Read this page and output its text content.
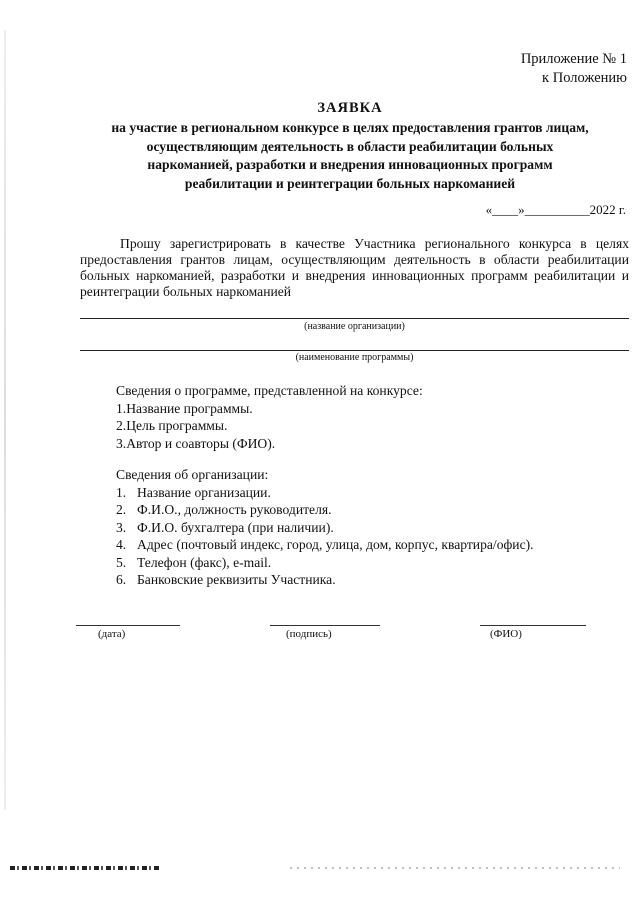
Приложение № 1
к Положению
ЗАЯВКА
на участие в региональном конкурсе в целях предоставления грантов лицам,
осуществляющим деятельность в области реабилитации больных
наркоманией, разработки и внедрения инновационных программ
реабилитации и реинтеграции больных наркоманией
«____»__________2022 г.
Прошу зарегистрировать в качестве Участника регионального конкурса в целях предоставления грантов лицам, осуществляющим деятельность в области реабилитации больных наркоманией, разработки и внедрения инновационных программ реабилитации и реинтеграции больных наркоманией
(название организации)
(наименование программы)
Сведения о программе, представленной на конкурсе:
1.Название программы.
2.Цель программы.
3.Автор и соавторы (ФИО).
Сведения об организации:
1. Название организации.
2. Ф.И.О., должность руководителя.
3. Ф.И.О. бухгалтера (при наличии).
4. Адрес (почтовый индекс, город, улица, дом, корпус, квартира/офис).
5. Телефон (факс), e-mail.
6. Банковские реквизиты Участника.
(дата)	(подпись)	(ФИО)
